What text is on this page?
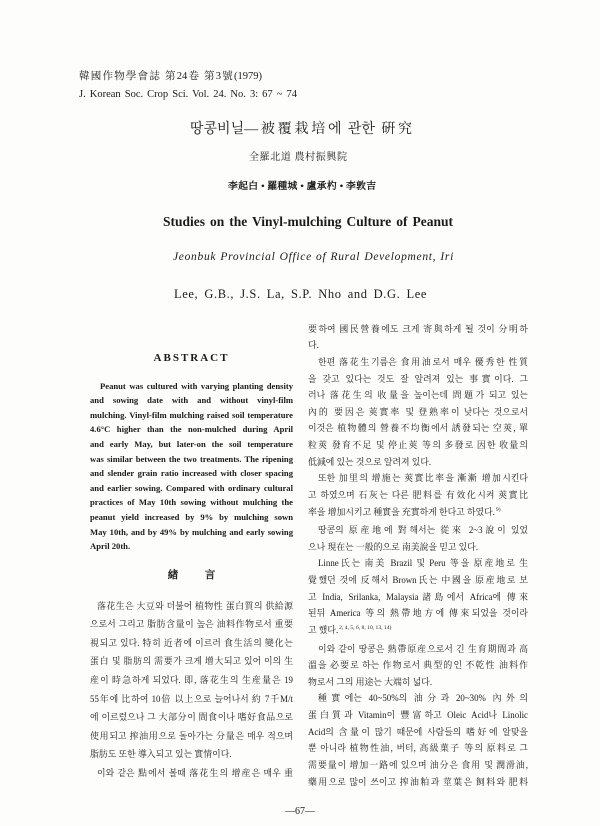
韓國作物學會誌 第24卷 第3號(1979)
J. Korean Soc. Crop Sci. Vol. 24. No. 3: 67 ~ 74
땅콩비닐—被覆栽培에 관한 硏究
全羅北道 農村振興院
李起白 • 羅種城 • 盧承杓 • 李敦吉
Studies on the Vinyl-mulching Culture of Peanut
Jeonbuk Provincial Office of Rural Development, Iri
Lee, G.B., J.S. La, S.P. Nho and D.G. Lee
ABSTRACT
Peanut was cultured with varying planting density
and sowing date with and without vinyl-film
mulching. Vinyl-film mulching raised soil temperature
4.6°C higher than the non-mulched during April
and early May, but later-on the soil temperature
was similar between the two treatments. The ripening
and slender grain ratio increased with closer spacing
and earlier sowing. Compared with ordinary cultural
practices of May 10th sowing without mulching the
peanut yield increased by 9% by mulching sown
May 10th, and by 49% by mulching and early sowing
April 20th.
緖 言
落花生은 大豆와 더불어 植物性 蛋白質의 供給源
으로서 그리고 脂肪含量이 높은 油料作物로서 重要
視되고 있다. 特히 近者에 이르러 食生活의 變化는
蛋白 및 脂肪의 需要가 크게 增大되고 있어 이의 生
産이 時急하게 되었다. 即, 落花生의 生産量은 19
55年에 比하여 10倍 以上으로 늘어나서 約 7千M/t
에 이르렀으나 그 大部分이 間食이나 嗜好食品으로
使用되고 搾油用으로 돌아가는 分量은 매우 적으며
脂肪도 또한 導入되고 있는 實情이다.
이와 같은 點에서 볼때 落花生의 增産은 매우 重
要하여 國民營養에도 크게 寄與하게 될 것이 分明하
다.
한편 落花生기름은 食用油로서 매우 優秀한 性質
을 갖고 있다는 것도 잘 알려져 있는 事實이다. 그
러나 落花生의 收量을 높이는데 問題가 되고 있는
內的 要因은 莢實率 및 登熟率이 낮다는 것으로서
이것은 植物體의 營養不均衡에서 誘發되는 空莢, 單
粒莢 發育不足 및 停止莢 等의 多發로 因한 收量의
低減에 있는 것으로 알려져 있다.
또한 加里의 增施는 莢實比率을 漸漸 增加시킨다
고 하였으며 石灰는 다른 肥料를 有效化시켜 莢實比
率을 增加시키고 種實을 充實하게 한다고 하였다.$^{9)}$
땅콩의 原産地에 對해서는 從來 2~3說이 있었
으나 現在는 一般的으로 南美說을 믿고 있다.
Linne氏는 南美 Brazil 및 Peru 等을 原産地로 生
覺했던 것에 反해서 Brown氏는 中國을 原産地로 보
고 India, Srilanka, Malaysia諸島에서 Africa에 傳來
된뒤 America 等의 熱帶地方에 傳來되었을 것이라
고 했다.$^{2, 4, 5, 6, 8, 10, 13, 14)}$
이와 같이 땅콩은 熱帶原産으로서 긴 生育期間과 高
溫을 必要로 하는 作物로서 典型的인 不乾性 油料作
物로서 그의 用途는 大端히 넓다.
種實에는 40~50%의 油分과 20~30% 內外의
蛋白質과 Vitamin이 豐富하고 Oleic Acid나 Linolic
Acid의 含量이 많기 때문에 사람들의 嗜好에 알맞을
뿐 아니라 植物性油, 버터, 高級菓子 等의 原料로 그
需要量이 增加一路에 있으며 油分은 食用 및 潤滑油,
藥用으로 많이 쓰이고 搾油粕과 莖葉은 飼料와 肥料
—67—
